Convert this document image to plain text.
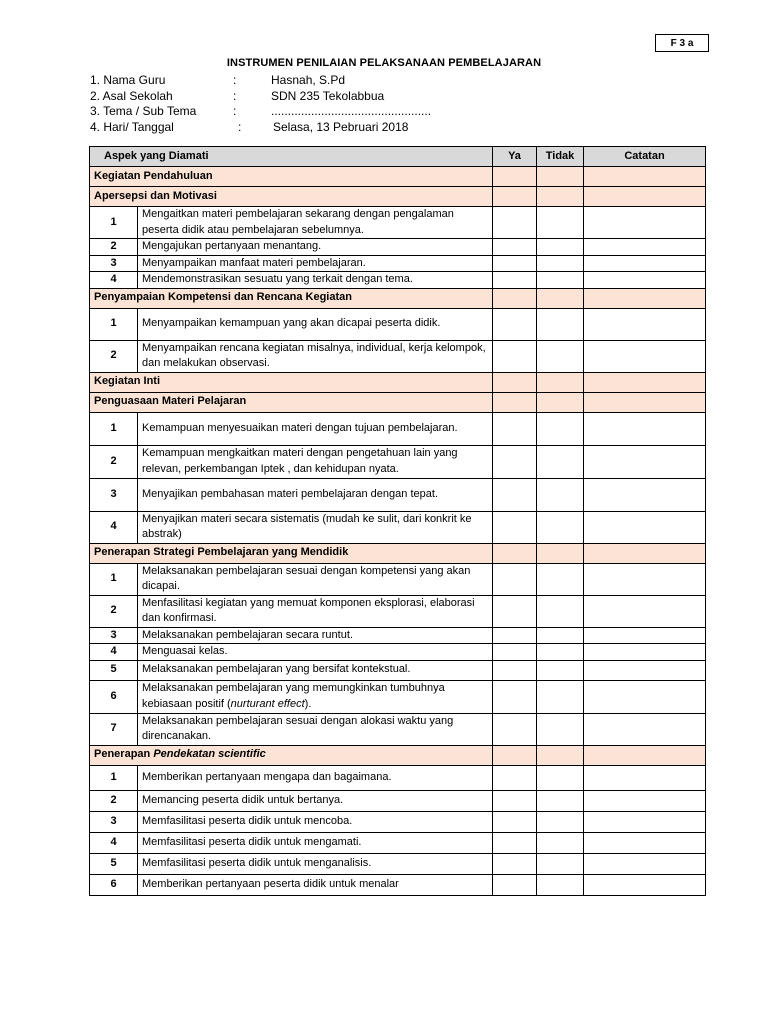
F 3 a
INSTRUMEN PENILAIAN PELAKSANAAN PEMBELAJARAN
1. Nama Guru	:	Hasnah, S.Pd
2. Asal Sekolah	:	SDN 235 Tekolabbua
3. Tema / Sub Tema	:	................................................
4. Hari/ Tanggal	:	Selasa, 13 Pebruari 2018
Aspek yang Diamati		Ya	Tidak	Catatan
Kegiatan Pendahuluan				
Apersepsi dan Motivasi				
1	Mengaitkan materi pembelajaran sekarang dengan pengalaman peserta didik atau pembelajaran sebelumnya.			
2	Mengajukan pertanyaan menantang.			
3	Menyampaikan manfaat materi pembelajaran.			
4	Mendemonstrasikan sesuatu yang terkait dengan tema.			
Penyampaian Kompetensi dan Rencana Kegiatan				
1	Menyampaikan kemampuan yang akan dicapai peserta didik.			
2	Menyampaikan rencana kegiatan misalnya, individual, kerja kelompok, dan melakukan observasi.			
Kegiatan Inti				
Penguasaan Materi Pelajaran				
1	Kemampuan menyesuaikan materi dengan tujuan pembelajaran.			
2	Kemampuan mengkaitkan materi dengan pengetahuan lain yang relevan, perkembangan Iptek , dan kehidupan nyata.			
3	Menyajikan pembahasan materi pembelajaran dengan tepat.			
4	Menyajikan materi secara sistematis (mudah ke sulit, dari konkrit ke abstrak)			
Penerapan Strategi Pembelajaran yang Mendidik				
1	Melaksanakan pembelajaran sesuai dengan kompetensi yang akan dicapai.			
2	Menfasilitasi kegiatan yang memuat komponen eksplorasi, elaborasi dan konfirmasi.			
3	Melaksanakan pembelajaran secara runtut.			
4	Menguasai kelas.			
5	Melaksanakan pembelajaran yang bersifat kontekstual.			
6	Melaksanakan pembelajaran yang memungkinkan tumbuhnya kebiasaan positif (nurturant effect).			
7	Melaksanakan pembelajaran sesuai dengan alokasi waktu yang direncanakan.			
Penerapan Pendekatan scientific				
1	Memberikan pertanyaan mengapa dan bagaimana.			
2	Memancing peserta didik untuk bertanya.			
3	Memfasilitasi peserta didik untuk mencoba.			
4	Memfasilitasi peserta didik untuk mengamati.			
5	Memfasilitasi peserta didik untuk menganalisis.			
6	Memberikan pertanyaan peserta didik untuk menalar			
